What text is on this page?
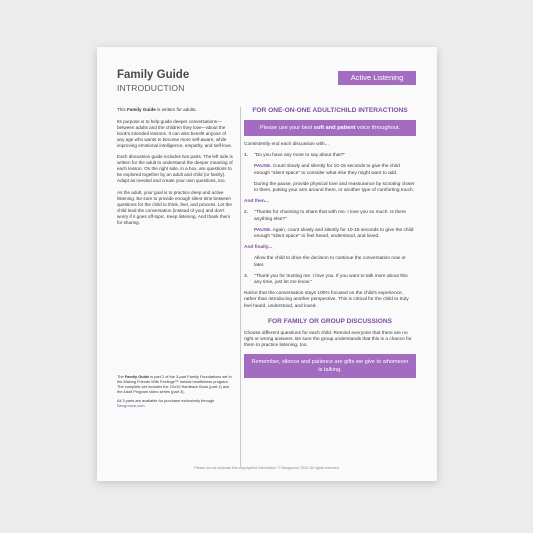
Family Guide
INTRODUCTION
Active Listening

This Family Guide is written for adults.

Its purpose is to help guide deeper conversations—between adults and the children they love—about the book's intended lessons. It can also benefit anyone of any age who wants to become more self-aware, while improving emotional intelligence, empathy, and self-love.

Each discussion guide includes two parts. The left side is written for the adult to understand the deeper meaning of each lesson. On the right side, in a box, are questions to be explored together by an adult and child (or family). Adapt as needed and create your own questions, too.

As the adult, your goal is to practice deep and active listening. Be sure to provide enough silent time between questions for the child to think, feel, and process. Let the child lead the conversation (instead of you) and don't worry if it goes off-topic. Keep listening. And thank them for sharing.

The Family Guide is part 2 of the 3-part Family Foundations set in the Making Friends With Feelings™ mental healthiness program. The complete set includes the 10x10 Hardback Book (part 1) and the Adult Program video series (part 3).

All 3 parts are available for purchase exclusively through Neugroove.com.

FOR ONE-ON-ONE ADULT/CHILD INTERACTIONS
Please use your best soft and patient voice throughout.
Consistently end each discussion with...
1.	"Do you have any more to say about that?"
PAUSE. Count slowly and silently for 10-15 seconds to give the child enough "silent space" to consider what else they might want to add.
During the pause, provide physical love and reassurance by scooting closer to them, putting your arm around them, or another type of comforting touch.
And then...
2.	"Thanks for choosing to share that with me. I love you so much. Is there anything else?"
PAUSE. Again, count slowly and silently for 10-15 seconds to give the child enough "silent space" to feel heard, understood, and loved.
And finally...
Allow the child to drive the decision to continue the conversation now or later.
3.	"Thank you for trusting me. I love you. If you want to talk more about this any time, just let me know."
Notice that the conversation stays 100% focused on the child's experience, rather than introducing another perspective. This is critical for the child to truly feel heard, understood, and loved.
FOR FAMILY OR GROUP DISCUSSIONS
Choose different questions for each child. Remind everyone that there are no right or wrong answers. Be sure the group understands that this is a chance for them to practice listening, too.
Remember, silence and patience are gifts we give to whomever is talking.
Please do not replicate this copyrighted information. © Neugroove 2023. All rights reserved.
